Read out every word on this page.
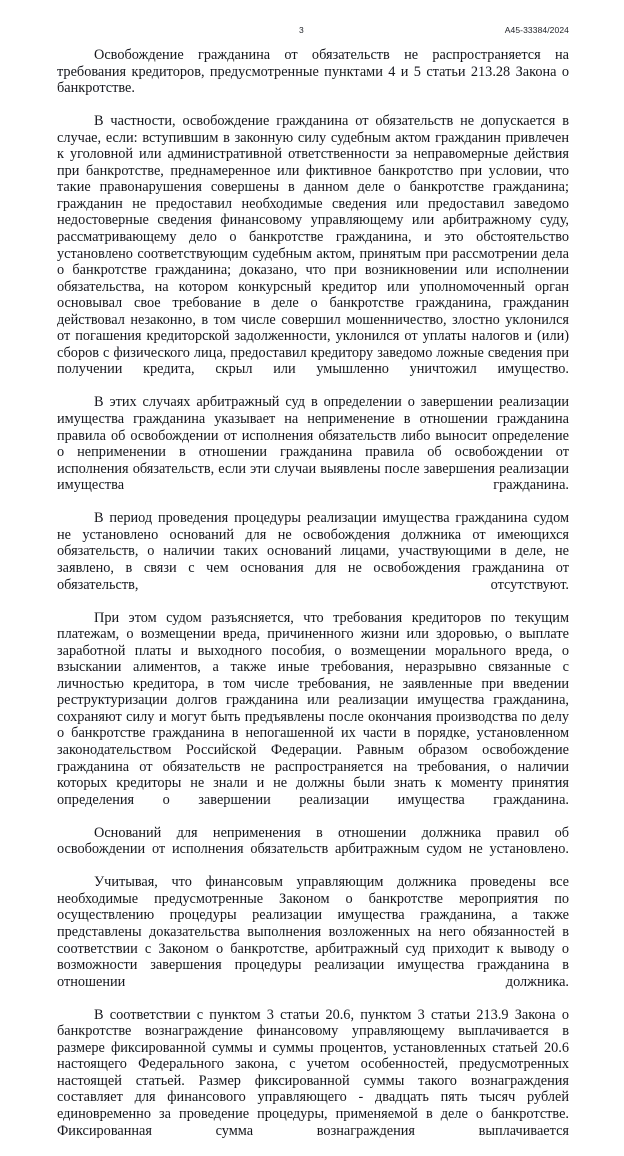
3	А45-33384/2024

Освобождение гражданина от обязательств не распространяется на требования кредиторов, предусмотренные пунктами 4 и 5 статьи 213.28 Закона о банкротстве.

В частности, освобождение гражданина от обязательств не допускается в случае, если: вступившим в законную силу судебным актом гражданин привлечен к уголовной или административной ответственности за неправомерные действия при банкротстве, преднамеренное или фиктивное банкротство при условии, что такие правонарушения совершены в данном деле о банкротстве гражданина; гражданин не предоставил необходимые сведения или предоставил заведомо недостоверные сведения финансовому управляющему или арбитражному суду, рассматривающему дело о банкротстве гражданина, и это обстоятельство установлено соответствующим судебным актом, принятым при рассмотрении дела о банкротстве гражданина; доказано, что при возникновении или исполнении обязательства, на котором конкурсный кредитор или уполномоченный орган основывал свое требование в деле о банкротстве гражданина, гражданин действовал незаконно, в том числе совершил мошенничество, злостно уклонился от погашения кредиторской задолженности, уклонился от уплаты налогов и (или) сборов с физического лица, предоставил кредитору заведомо ложные сведения при получении кредита, скрыл или умышленно уничтожил имущество.

В этих случаях арбитражный суд в определении о завершении реализации имущества гражданина указывает на неприменение в отношении гражданина правила об освобождении от исполнения обязательств либо выносит определение о неприменении в отношении гражданина правила об освобождении от исполнения обязательств, если эти случаи выявлены после завершения реализации имущества гражданина.

В период проведения процедуры реализации имущества гражданина судом не установлено оснований для не освобождения должника от имеющихся обязательств, о наличии таких оснований лицами, участвующими в деле, не заявлено, в связи с чем основания для не освобождения гражданина от обязательств, отсутствуют.

При этом судом разъясняется, что требования кредиторов по текущим платежам, о возмещении вреда, причиненного жизни или здоровью, о выплате заработной платы и выходного пособия, о возмещении морального вреда, о взыскании алиментов, а также иные требования, неразрывно связанные с личностью кредитора, в том числе требования, не заявленные при введении реструктуризации долгов гражданина или реализации имущества гражданина, сохраняют силу и могут быть предъявлены после окончания производства по делу о банкротстве гражданина в непогашенной их части в порядке, установленном законодательством Российской Федерации. Равным образом освобождение гражданина от обязательств не распространяется на требования, о наличии которых кредиторы не знали и не должны были знать к моменту принятия определения о завершении реализации имущества гражданина.

Оснований для неприменения в отношении должника правил об освобождении от исполнения обязательств арбитражным судом не установлено.

Учитывая, что финансовым управляющим должника проведены все необходимые предусмотренные Законом о банкротстве мероприятия по осуществлению процедуры реализации имущества гражданина, а также представлены доказательства выполнения возложенных на него обязанностей в соответствии с Законом о банкротстве, арбитражный суд приходит к выводу о возможности завершения процедуры реализации имущества гражданина в отношении должника.

В соответствии с пунктом 3 статьи 20.6, пунктом 3 статьи 213.9 Закона о банкротстве вознаграждение финансовому управляющему выплачивается в размере фиксированной суммы и суммы процентов, установленных статьей 20.6 настоящего Федерального закона, с учетом особенностей, предусмотренных настоящей статьей. Размер фиксированной суммы такого вознаграждения составляет для финансового управляющего - двадцать пять тысяч рублей единовременно за проведение процедуры, применяемой в деле о банкротстве. Фиксированная сумма вознаграждения выплачивается
